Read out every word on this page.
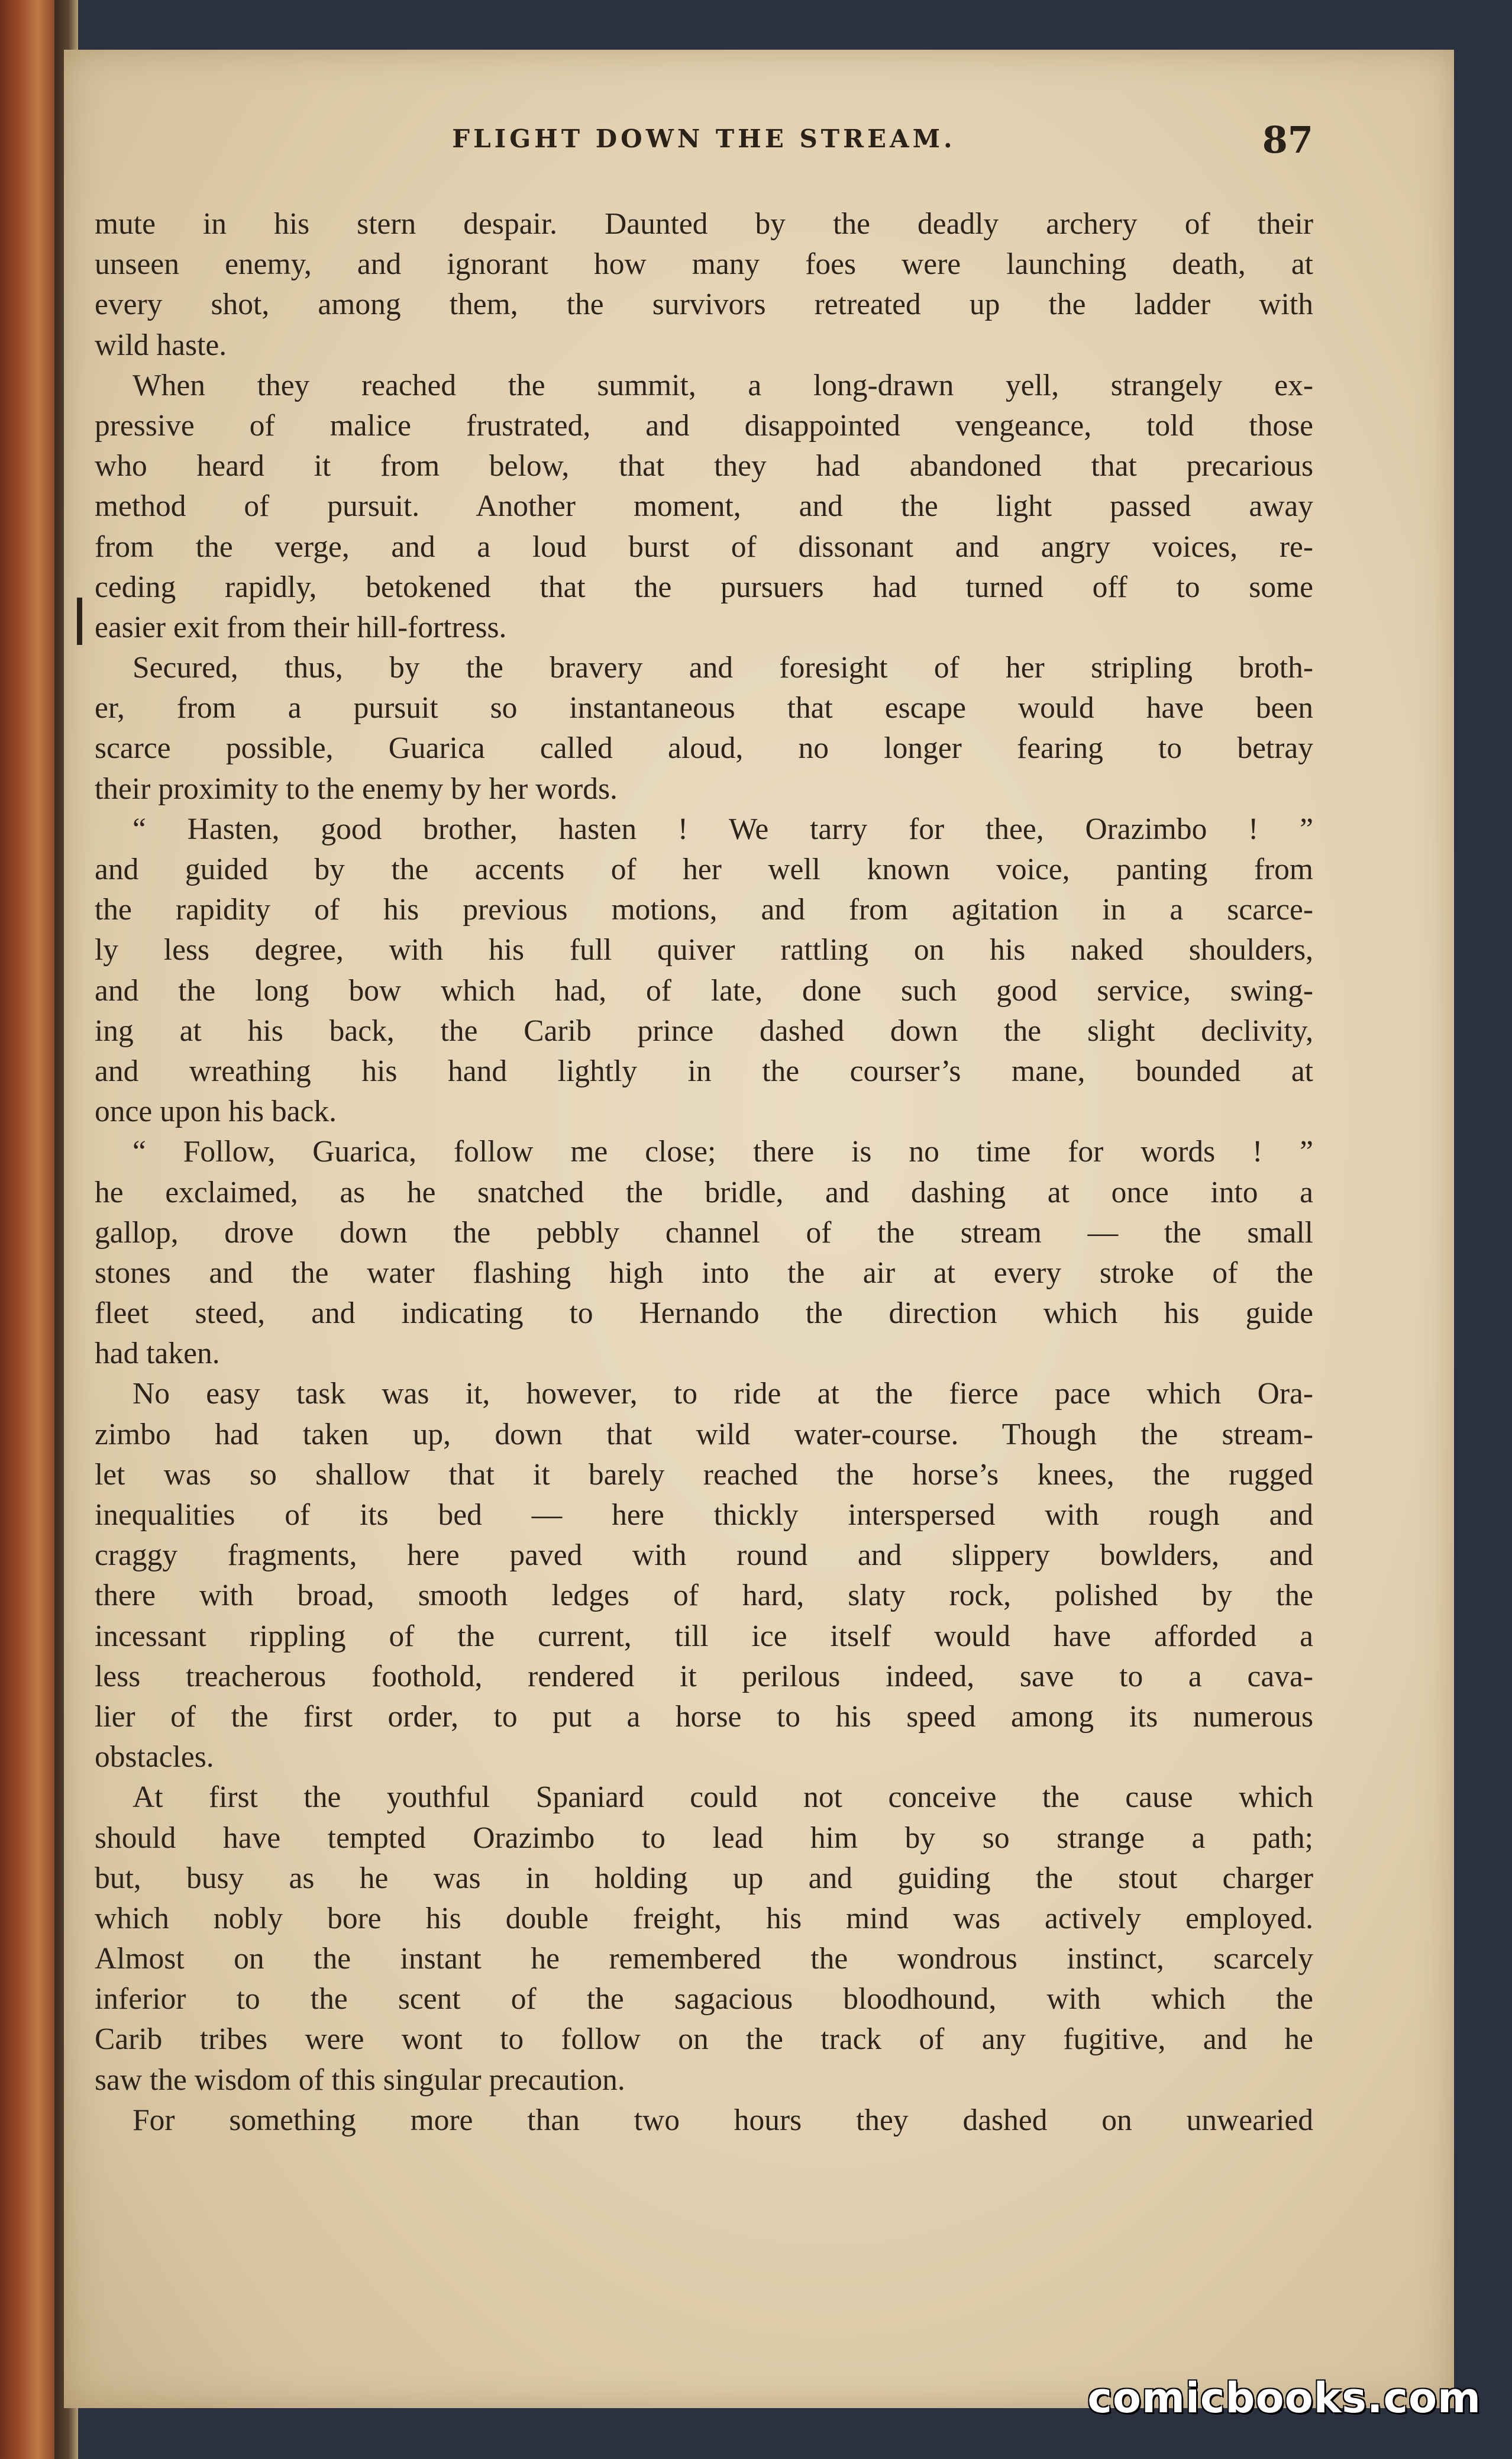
FLIGHT DOWN THE STREAM.	87
mute in his stern despair. Daunted by the deadly archery of their
unseen enemy, and ignorant how many foes were launching death, at
every shot, among them, the survivors retreated up the ladder with
wild haste.
When they reached the summit, a long-drawn yell, strangely ex-
pressive of malice frustrated, and disappointed vengeance, told those
who heard it from below, that they had abandoned that precarious
method of pursuit. Another moment, and the light passed away
from the verge, and a loud burst of dissonant and angry voices, re-
ceding rapidly, betokened that the pursuers had turned off to some
easier exit from their hill-fortress.
Secured, thus, by the bravery and foresight of her stripling broth-
er, from a pursuit so instantaneous that escape would have been
scarce possible, Guarica called aloud, no longer fearing to betray
their proximity to the enemy by her words.
“ Hasten, good brother, hasten ! We tarry for thee, Orazimbo ! ”
and guided by the accents of her well known voice, panting from
the rapidity of his previous motions, and from agitation in a scarce-
ly less degree, with his full quiver rattling on his naked shoulders,
and the long bow which had, of late, done such good service, swing-
ing at his back, the Carib prince dashed down the slight declivity,
and wreathing his hand lightly in the courser’s mane, bounded at
once upon his back.
“ Follow, Guarica, follow me close; there is no time for words ! ”
he exclaimed, as he snatched the bridle, and dashing at once into a
gallop, drove down the pebbly channel of the stream — the small
stones and the water flashing high into the air at every stroke of the
fleet steed, and indicating to Hernando the direction which his guide
had taken.
No easy task was it, however, to ride at the fierce pace which Ora-
zimbo had taken up, down that wild water-course. Though the stream-
let was so shallow that it barely reached the horse’s knees, the rugged
inequalities of its bed — here thickly interspersed with rough and
craggy fragments, here paved with round and slippery bowlders, and
there with broad, smooth ledges of hard, slaty rock, polished by the
incessant rippling of the current, till ice itself would have afforded a
less treacherous foothold, rendered it perilous indeed, save to a cava-
lier of the first order, to put a horse to his speed among its numerous
obstacles.
At first the youthful Spaniard could not conceive the cause which
should have tempted Orazimbo to lead him by so strange a path;
but, busy as he was in holding up and guiding the stout charger
which nobly bore his double freight, his mind was actively employed.
Almost on the instant he remembered the wondrous instinct, scarcely
inferior to the scent of the sagacious bloodhound, with which the
Carib tribes were wont to follow on the track of any fugitive, and he
saw the wisdom of this singular precaution.
For something more than two hours they dashed on unwearied
comicbooks.com
